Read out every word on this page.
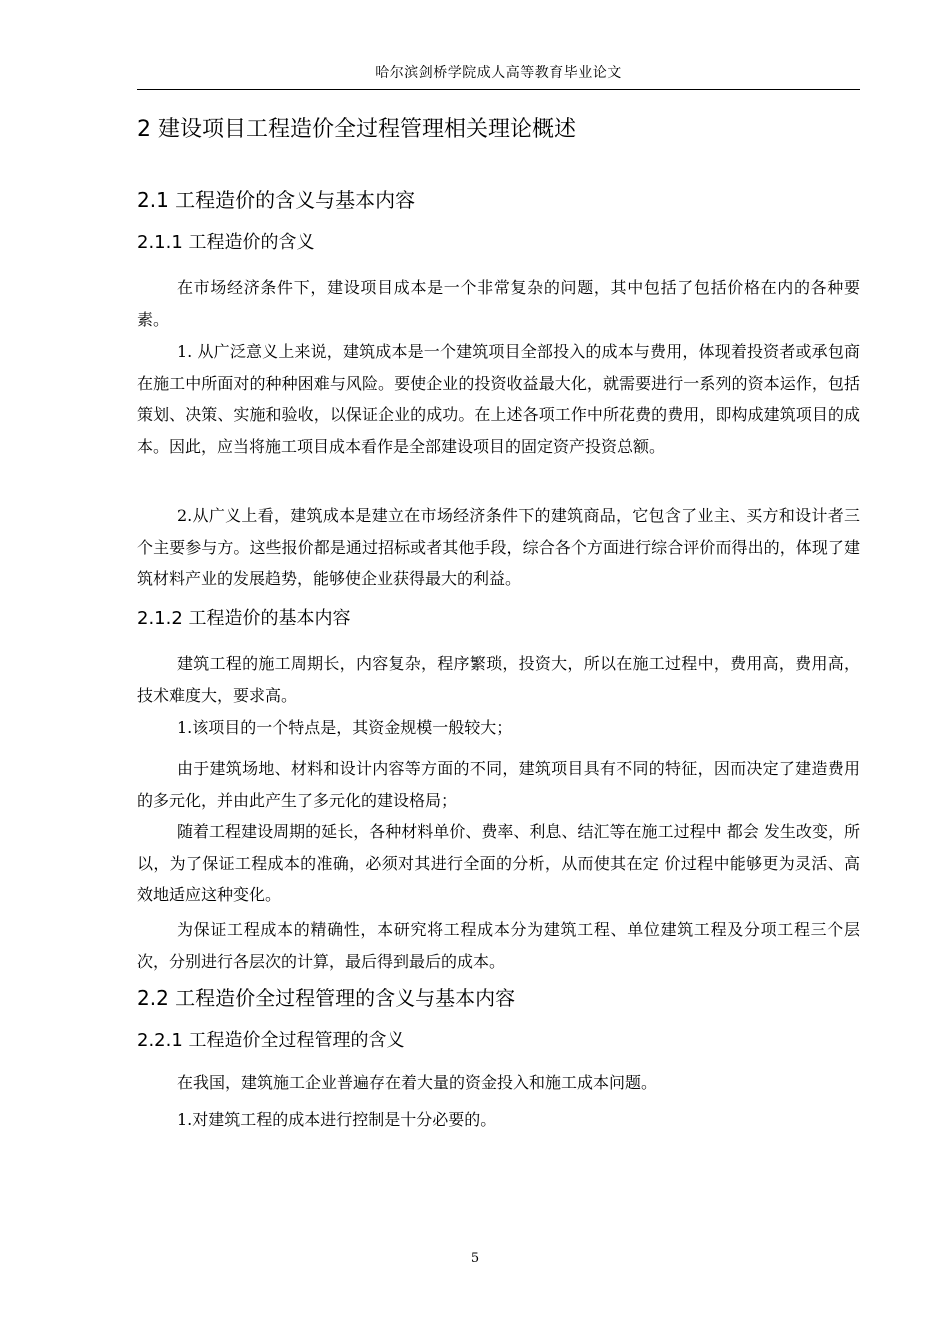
哈尔滨剑桥学院成人高等教育毕业论文
2 建设项目工程造价全过程管理相关理论概述
2.1 工程造价的含义与基本内容
2.1.1 工程造价的含义
在市场经济条件下，建设项目成本是一个非常复杂的问题，其中包括了包括价格在内的各种要素。
1. 从广泛意义上来说，建筑成本是一个建筑项目全部投入的成本与费用，体现着投资者或承包商在施工中所面对的种种困难与风险。要使企业的投资收益最大化，就需要进行一系列的资本运作，包括策划、决策、实施和验收，以保证企业的成功。在上述各项工作中所花费的费用，即构成建筑项目的成本。因此，应当将施工项目成本看作是全部建设项目的固定资产投资总额。
2.从广义上看，建筑成本是建立在市场经济条件下的建筑商品，它包含了业主、买方和设计者三个主要参与方。这些报价都是通过招标或者其他手段，综合各个方面进行综合评价而得出的，体现了建筑材料产业的发展趋势，能够使企业获得最大的利益。
2.1.2 工程造价的基本内容
建筑工程的施工周期长，内容复杂，程序繁琐，投资大，所以在施工过程中，费用高，费用高，技术难度大，要求高。
1.该项目的一个特点是，其资金规模一般较大；
由于建筑场地、材料和设计内容等方面的不同，建筑项目具有不同的特征，因而决定了建造费用的多元化，并由此产生了多元化的建设格局；
随着工程建设周期的延长，各种材料单价、费率、利息、结汇等在施工过程中 都会 发生改变，所以，为了保证工程成本的准确，必须对其进行全面的分析，从而使其在定 价过程中能够更为灵活、高效地适应这种变化。
为保证工程成本的精确性，本研究将工程成本分为建筑工程、单位建筑工程及分项工程三个层次，分别进行各层次的计算，最后得到最后的成本。
2.2 工程造价全过程管理的含义与基本内容
2.2.1 工程造价全过程管理的含义
在我国，建筑施工企业普遍存在着大量的资金投入和施工成本问题。
1.对建筑工程的成本进行控制是十分必要的。
5
